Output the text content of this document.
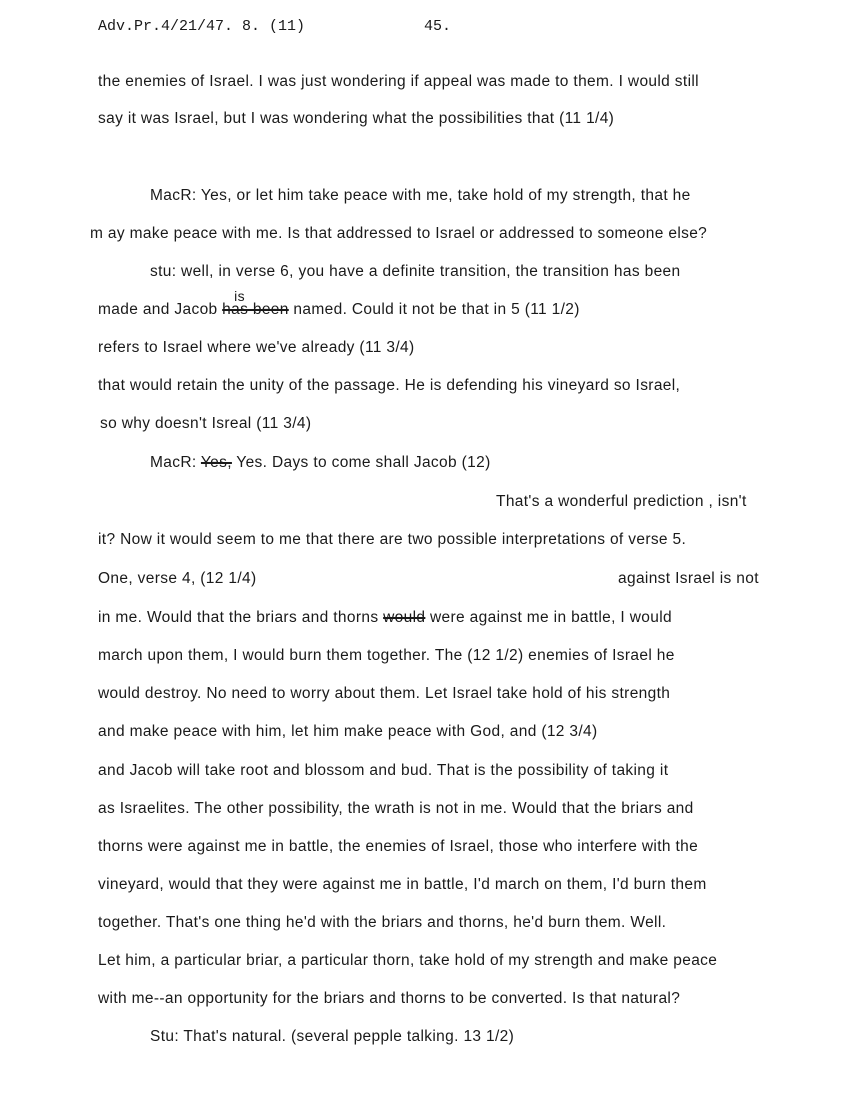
Adv.Pr.4/21/47. 8. (11)	45.
the enemies of Israel. I was just wondering if appeal was made to them. I would still
say it was Israel, but I was wondering what the possibilities that (11 1/4)
MacR: Yes, or let him take peace with me, take hold of my strength, that he
m ay make peace with me. Is that addressed to Israel or addressed to someone else?
stu: well, in verse 6, you have a definite transition, the transition has been
made and Jacob has been
is
named. Could it not be that in 5 (11 1/2)
refers to Israel where we've already (11 3/4)
that would retain the unity of the passage. He is defending his vineyard so Israel,
so why doesn't Isreal (11 3/4)
MacR: Yes, Yes. Days to come shall Jacob (12)
That's a wonderful prediction , isn't
it? Now it would seem to me that there are two possible interpretations of verse 5.
One, verse 4, (12 1/4)	against Israel is not
in me. Would that the briars and thorns would were against me in battle, I would
march upon them, I would burn them together. The (12 1/2) enemies of Israel he
would destroy. No need to worry about them. Let Israel take hold of his strength
and make peace with him, let him make peace with God, and (12 3/4)
and Jacob will take root and blossom and bud. That is the possibility of taking it
as Israelites. The other possibility, the wrath is not in me. Would that the briars and
thorns were against me in battle, the enemies of Israel, those who interfere with the
vineyard, would that they were against me in battle, I'd march on them, I'd burn them
together. That's one thing he'd with the briars and thorns, he'd burn them. Well.
Let him, a particular briar, a particular thorn, take hold of my strength and make peace
with me--an opportunity for the briars and thorns to be converted. Is that natural?
Stu: That's natural. (several pepple talking. 13 1/2)
